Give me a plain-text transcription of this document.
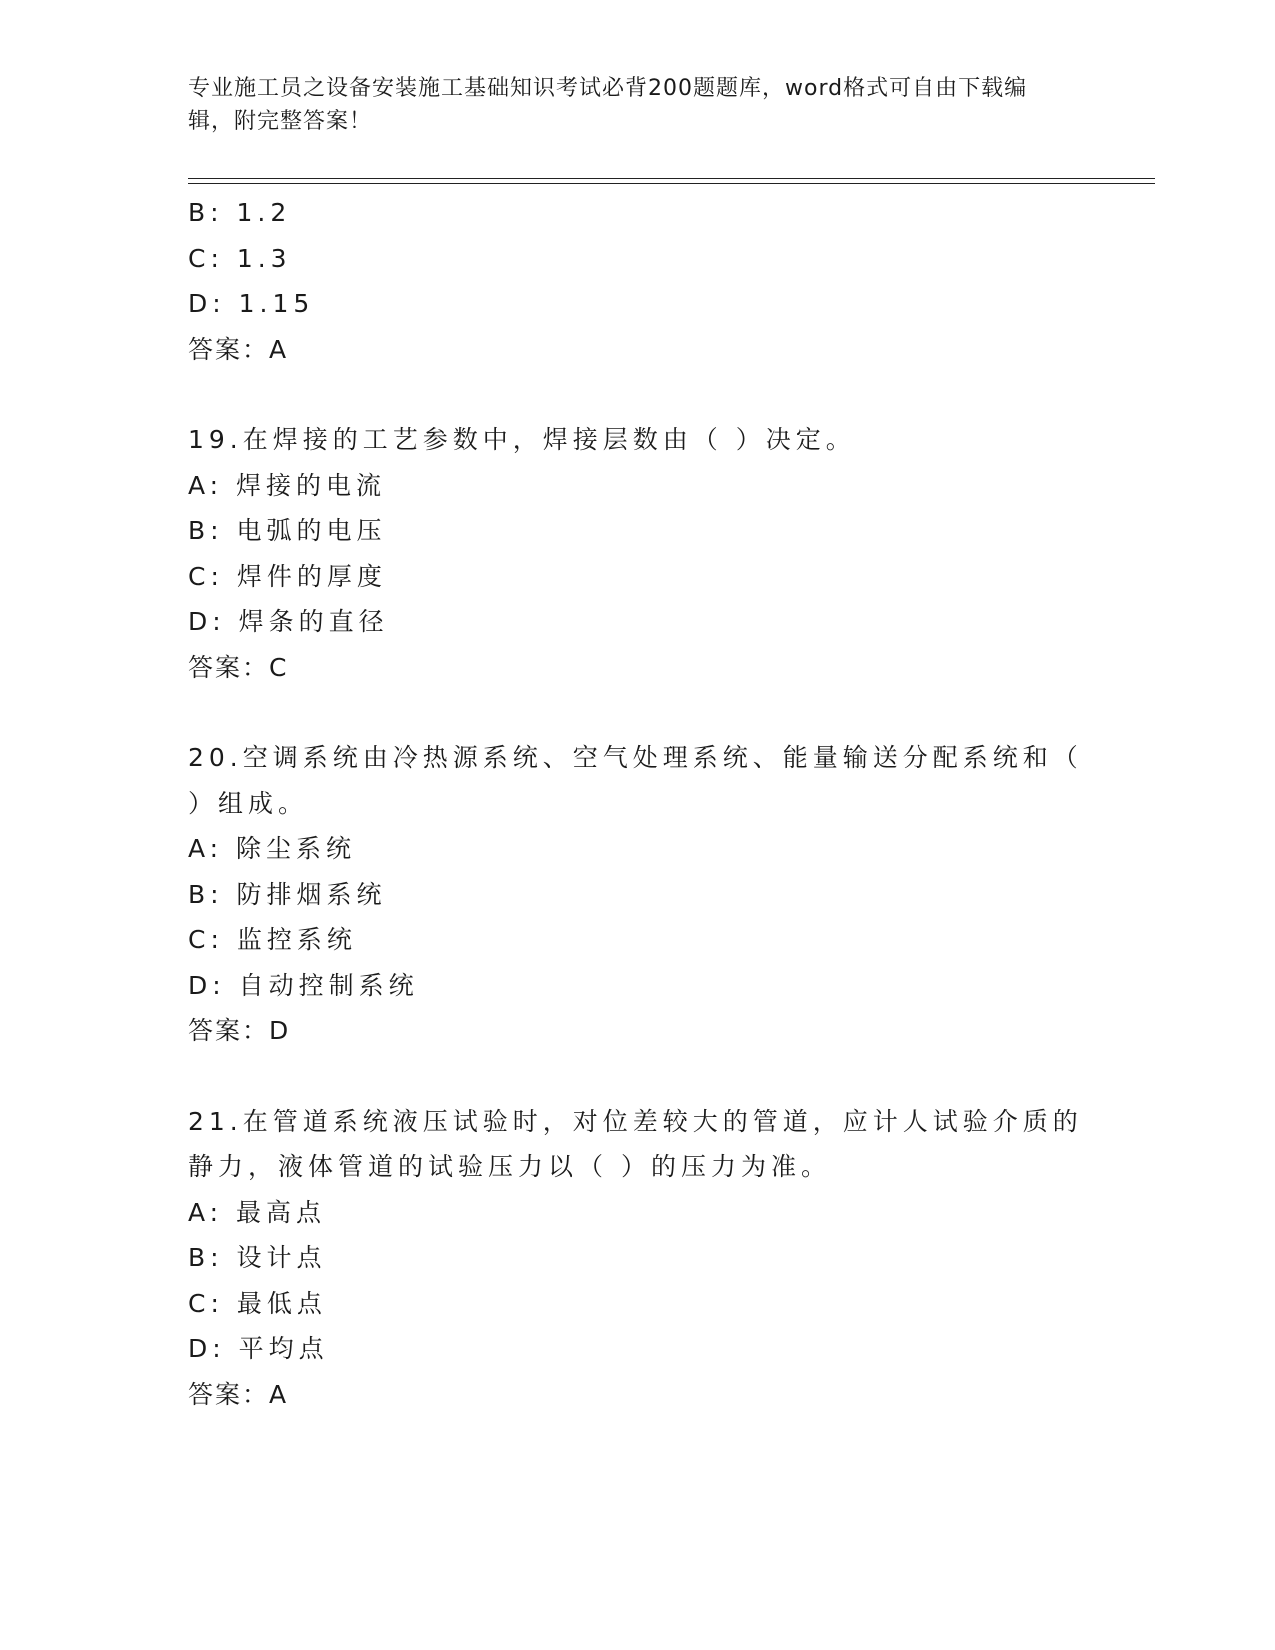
专业施工员之设备安装施工基础知识考试必背200题题库，word格式可自由下载编辑，附完整答案！
B: 1.2
C: 1.3
D: 1.15
答案：A
19.在焊接的工艺参数中，焊接层数由（ ）决定。
A: 焊接的电流
B: 电弧的电压
C: 焊件的厚度
D: 焊条的直径
答案：C
20.空调系统由冷热源系统、空气处理系统、能量输送分配系统和（ ）组成。
A: 除尘系统
B: 防排烟系统
C: 监控系统
D: 自动控制系统
答案：D
21.在管道系统液压试验时，对位差较大的管道，应计人试验介质的静力，液体管道的试验压力以（ ）的压力为准。
A: 最高点
B: 设计点
C: 最低点
D: 平均点
答案：A
